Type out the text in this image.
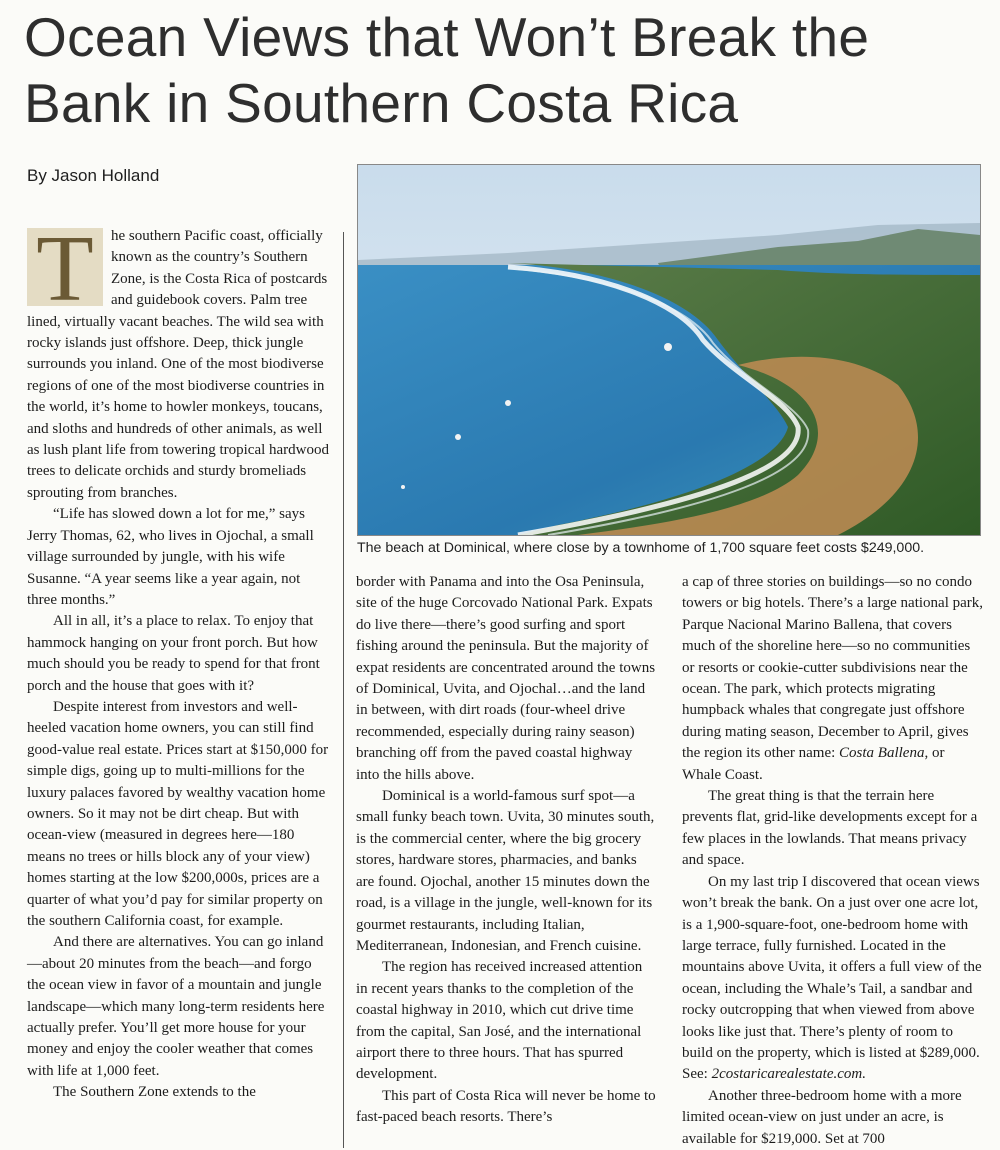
Ocean Views that Won’t Break the Bank in Southern Costa Rica

By Jason Holland

T	he southern Pacific coast, officially known as the country’s Southern Zone, is the Costa Rica of postcards and guidebook covers. Palm tree lined, virtually vacant beaches. The wild sea with rocky islands just offshore. Deep, thick jungle surrounds you inland. One of the most biodiverse regions of one of the most biodiverse countries in the world, it’s home to howler monkeys, toucans, and sloths and hundreds of other animals, as well as lush plant life from towering tropical hardwood trees to delicate orchids and sturdy bromeliads sprouting from branches.

“Life has slowed down a lot for me,” says Jerry Thomas, 62, who lives in Ojochal, a small village surrounded by jungle, with his wife Susanne. “A year seems like a year again, not three months.”

All in all, it’s a place to relax. To enjoy that hammock hanging on your front porch. But how much should you be ready to spend for that front porch and the house that goes with it?

Despite interest from investors and well-heeled vacation home owners, you can still find good-value real estate. Prices start at $150,000 for simple digs, going up to multi-millions for the luxury palaces favored by wealthy vacation home owners. So it may not be dirt cheap. But with ocean-view (measured in degrees here—180 means no trees or hills block any of your view) homes starting at the low $200,000s, prices are a quarter of what you’d pay for similar property on the southern California coast, for example.

And there are alternatives. You can go inland—about 20 minutes from the beach—and forgo the ocean view in favor of a mountain and jungle landscape—which many long-term residents here actually prefer. You’ll get more house for your money and enjoy the cooler weather that comes with life at 1,000 feet.

The Southern Zone extends to the

The beach at Dominical, where close by a townhome of 1,700 square feet costs $249,000.

border with Panama and into the Osa Peninsula, site of the huge Corcovado National Park. Expats do live there—there’s good surfing and sport fishing around the peninsula. But the majority of expat residents are concentrated around the towns of Dominical, Uvita, and Ojochal…and the land in between, with dirt roads (four-wheel drive recommended, especially during rainy season) branching off from the paved coastal highway into the hills above.

Dominical is a world-famous surf spot—a small funky beach town. Uvita, 30 minutes south, is the commercial center, where the big grocery stores, hardware stores, pharmacies, and banks are found. Ojochal, another 15 minutes down the road, is a village in the jungle, well-known for its gourmet restaurants, including Italian, Mediterranean, Indonesian, and French cuisine.

The region has received increased attention in recent years thanks to the completion of the coastal highway in 2010, which cut drive time from the capital, San José, and the international airport there to three hours. That has spurred development.

This part of Costa Rica will never be home to fast-paced beach resorts. There’s

a cap of three stories on buildings—so no condo towers or big hotels. There’s a large national park, Parque Nacional Marino Ballena, that covers much of the shoreline here—so no communities or resorts or cookie-cutter subdivisions near the ocean. The park, which protects migrating humpback whales that congregate just offshore during mating season, December to April, gives the region its other name: Costa Ballena, or Whale Coast.

The great thing is that the terrain here prevents flat, grid-like developments except for a few places in the lowlands. That means privacy and space.

On my last trip I discovered that ocean views won’t break the bank. On a just over one acre lot, is a 1,900-square-foot, one-bedroom home with large terrace, fully furnished. Located in the mountains above Uvita, it offers a full view of the ocean, including the Whale’s Tail, a sandbar and rocky outcropping that when viewed from above looks like just that. There’s plenty of room to build on the property, which is listed at $289,000. See: 2costaricarealestate.com.

Another three-bedroom home with a more limited ocean-view on just under an acre, is available for $219,000. Set at 700
